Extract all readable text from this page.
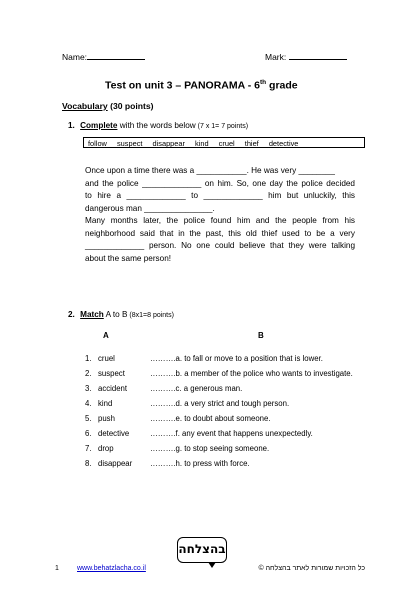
Name:	Mark:
Test on unit 3 – PANORAMA - 6th grade
Vocabulary (30 points)
1. Complete with the words below (7 x 1= 7 points)
follow suspect disappear kind cruel thief detective
Once upon a time there was a ___________. He was very ________
and the police _____________ on him. So, one day the police decided
to hire a _____________ to _____________ him but unluckily, this
dangerous man _______________.
Many months later, the police found him and the people from his
neighborhood said that in the past, this old thief used to be a very
_____________ person. No one could believe that they were talking
about the same person!
2. Match A to B (8x1=8 points)
A	B
1. cruel	……….a. to fall or move to a position that is lower.
2. suspect	……….b. a member of the police who wants to investigate.
3. accident	……….c. a generous man.
4. kind	……….d. a very strict and tough person.
5. push	……….e. to doubt about someone.
6. detective	……….f. any event that happens unexpectedly.
7. drop	……….g. to stop seeing someone.
8. disappear ……….h. to press with force.
בהצלחה
1	www.behatzlacha.co.il	כל הזכויות שמורות לאתר בהצלחה ©
